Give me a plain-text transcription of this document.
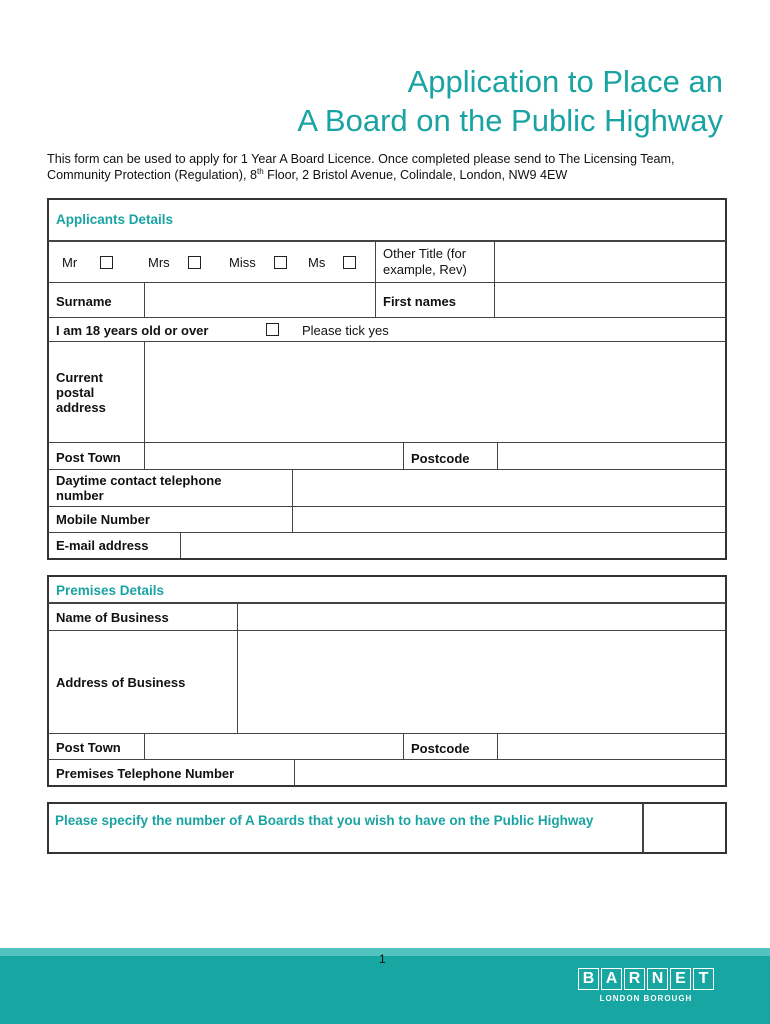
Application to Place an
A Board on the Public Highway
This form can be used to apply for 1 Year A Board Licence. Once completed please send to The Licensing Team, Community Protection (Regulation), 8th Floor, 2 Bristol Avenue, Colindale, London, NW9 4EW
Applicants Details
Mr	Mrs	Miss	Ms
Other Title (for example, Rev)
Surname	First names
I am 18 years old or over	Please tick yes
Current postal address
Post Town	Postcode
Daytime contact telephone number
Mobile Number
E-mail address
Premises Details
Name of Business
Address of Business
Post Town	Postcode
Premises Telephone Number
Please specify the number of A Boards that you wish to have on the Public Highway
1
B A R N E T
LONDON BOROUGH
